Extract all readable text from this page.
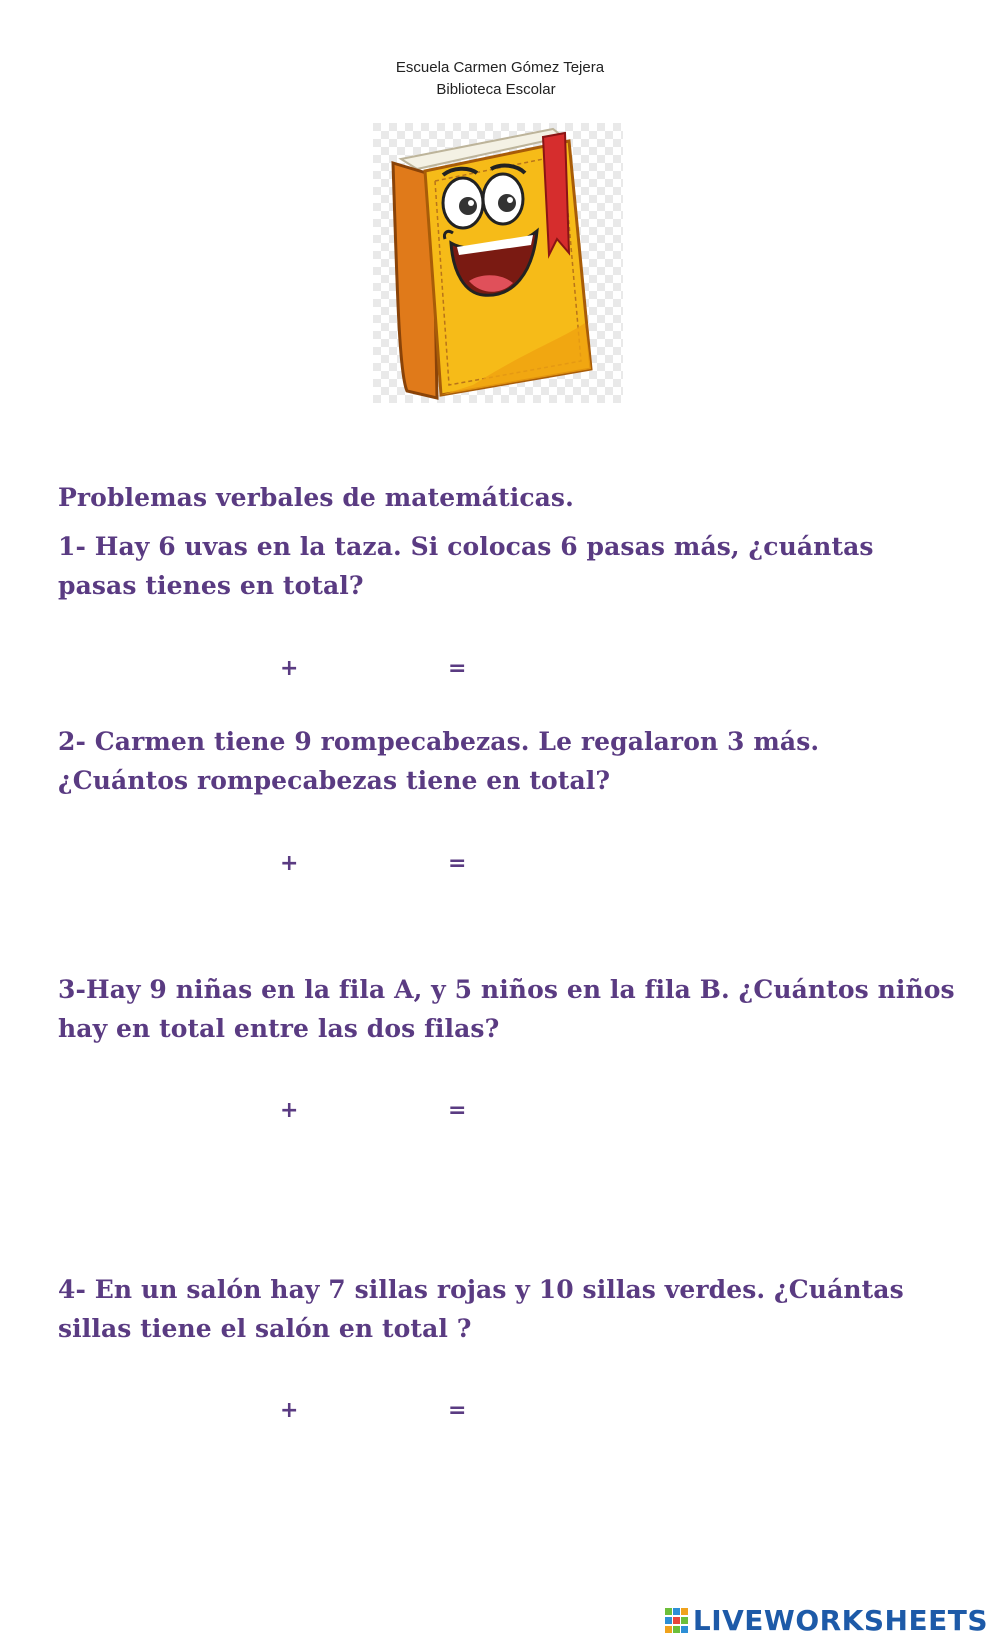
Escuela Carmen Gómez Tejera
Biblioteca Escolar
Problemas verbales de matemáticas.
1- Hay 6 uvas en la taza. Si colocas 6 pasas más, ¿cuántas pasas tienes en total?
+	=
2- Carmen tiene 9 rompecabezas. Le regalaron 3 más. ¿Cuántos rompecabezas tiene en total?
+	=
3-Hay 9 niñas en la fila A, y 5 niños en la fila B. ¿Cuántos niños hay en total entre las dos filas?
+	=
4- En un salón hay 7 sillas rojas y 10 sillas verdes. ¿Cuántas sillas tiene el salón en total ?
+	=
LIVEWORKSHEETS
